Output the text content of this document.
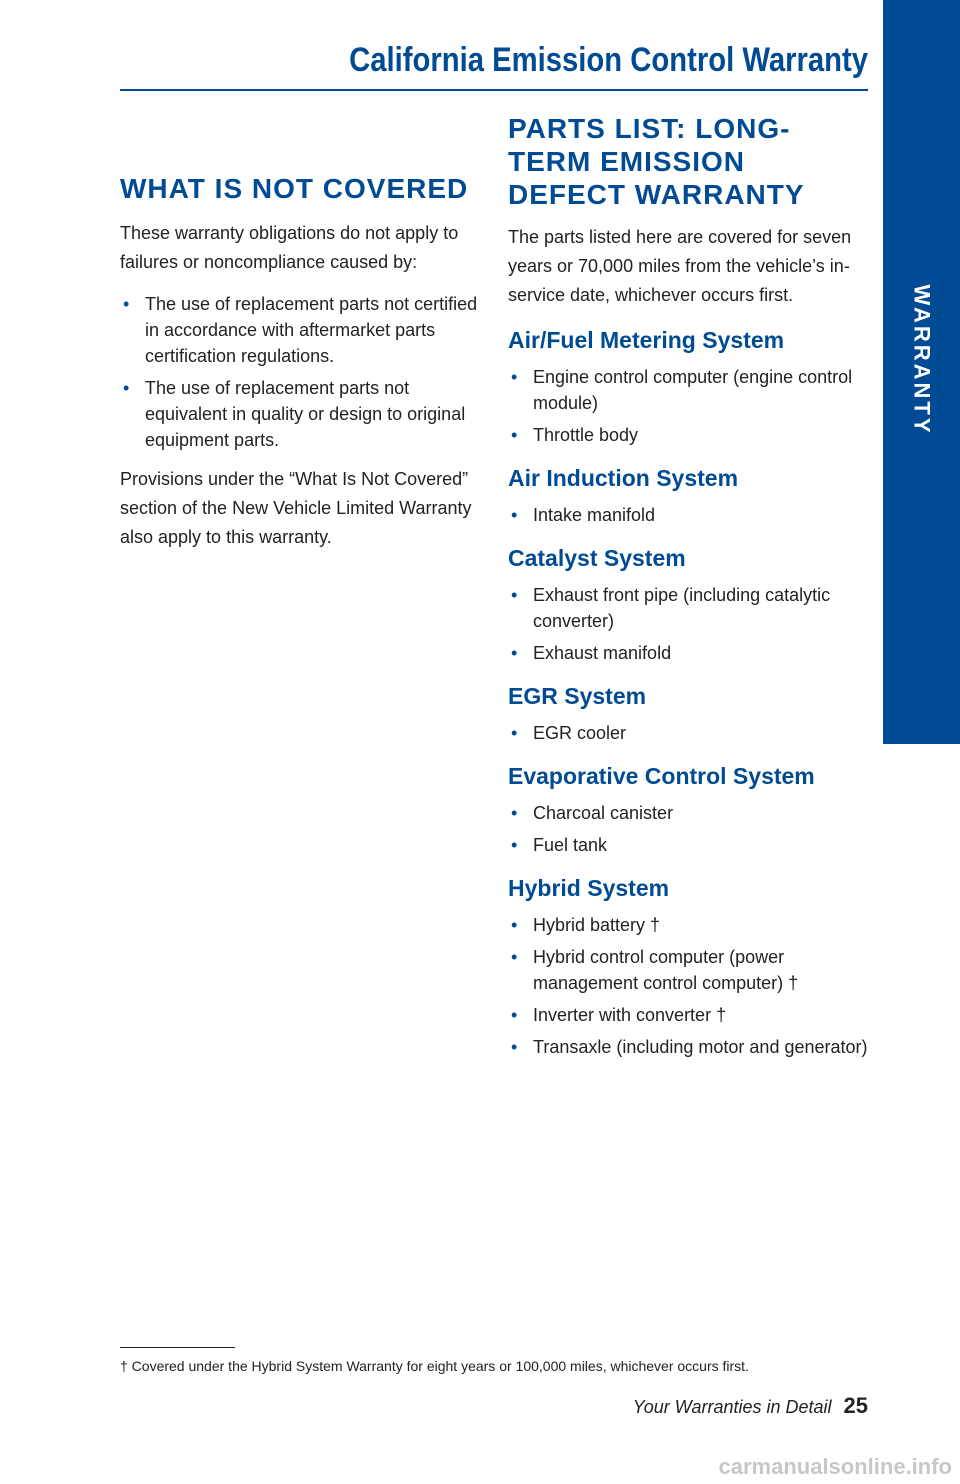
WARRANTY
California Emission Control Warranty
WHAT IS NOT COVERED

These warranty obligations do not apply to failures or noncompliance caused by:

• The use of replacement parts not certified in accordance with aftermarket parts certification regulations.
• The use of replacement parts not equivalent in quality or design to original equipment parts.

Provisions under the “What Is Not Covered” section of the New Vehicle Limited Warranty also apply to this warranty.

PARTS LIST: LONG-TERM EMISSION DEFECT WARRANTY

The parts listed here are covered for seven years or 70,000 miles from the vehicle’s in-service date, whichever occurs first.

Air/Fuel Metering System
• Engine control computer (engine control module)
• Throttle body
Air Induction System
• Intake manifold
Catalyst System
• Exhaust front pipe (including catalytic converter)
• Exhaust manifold
EGR System
• EGR cooler
Evaporative Control System
• Charcoal canister
• Fuel tank
Hybrid System
• Hybrid battery †
• Hybrid control computer (power management control computer) †
• Inverter with converter †
• Transaxle (including motor and generator)
† Covered under the Hybrid System Warranty for eight years or 100,000 miles, whichever occurs first.
Your Warranties in Detail 25
carmanualsonline.info
